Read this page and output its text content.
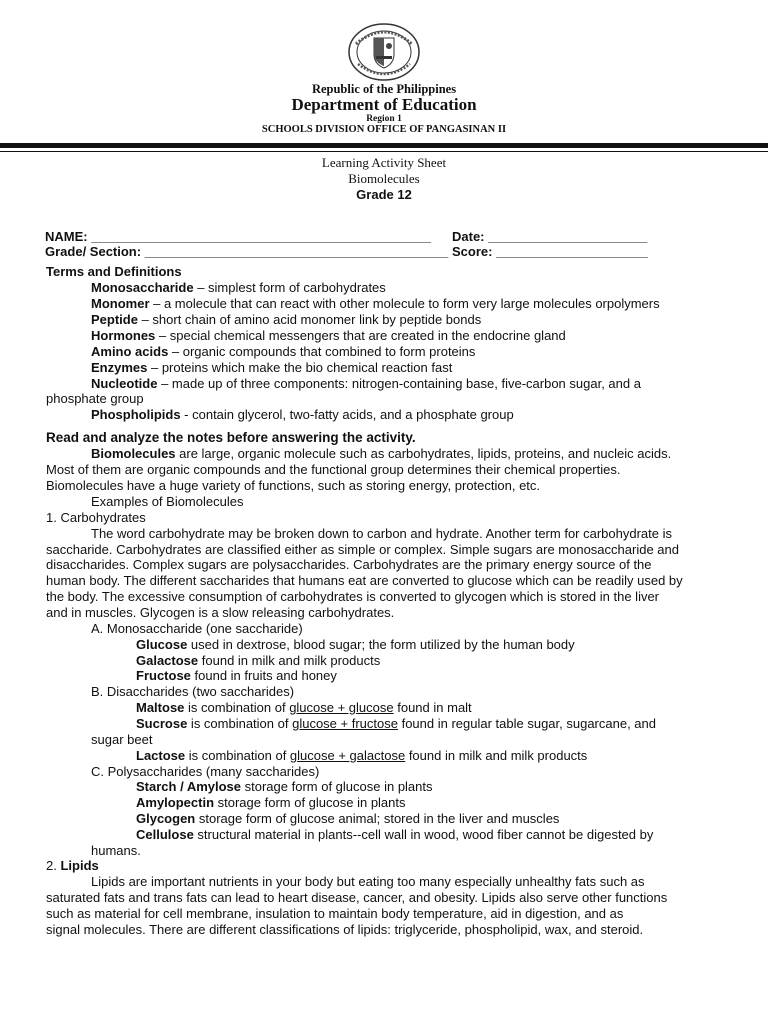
Republic of the Philippines
Department of Education
Region 1
SCHOOLS DIVISION OFFICE OF PANGASINAN II
Learning Activity Sheet
Biomolecules
Grade 12
NAME: _______________________________________________ Date: ______________________
Grade/ Section: __________________________________________ Score: _____________________
Terms and Definitions
Monosaccharide – simplest form of carbohydrates
Monomer – a molecule that can react with other molecule to form very large molecules orpolymers
Peptide – short chain of amino acid monomer link by peptide bonds
Hormones – special chemical messengers that are created in the endocrine gland
Amino acids – organic compounds that combined to form proteins
Enzymes – proteins which make the bio chemical reaction fast
Nucleotide – made up of three components: nitrogen-containing base, five-carbon sugar, and a
phosphate group
Phospholipids - contain glycerol, two-fatty acids, and a phosphate group
Read and analyze the notes before answering the activity.
Biomolecules are large, organic molecule such as carbohydrates, lipids, proteins, and nucleic acids.
Most of them are organic compounds and the functional group determines their chemical properties.
Biomolecules have a huge variety of functions, such as storing energy, protection, etc.
Examples of Biomolecules
1. Carbohydrates
The word carbohydrate may be broken down to carbon and hydrate. Another term for carbohydrate is
saccharide. Carbohydrates are classified either as simple or complex. Simple sugars are monosaccharide and
disaccharides. Complex sugars are polysaccharides. Carbohydrates are the primary energy source of the
human body. The different saccharides that humans eat are converted to glucose which can be readily used by
the body. The excessive consumption of carbohydrates is converted to glycogen which is stored in the liver
and in muscles. Glycogen is a slow releasing carbohydrates.
A. Monosaccharide (one saccharide)
Glucose used in dextrose, blood sugar; the form utilized by the human body
Galactose found in milk and milk products
Fructose found in fruits and honey
B. Disaccharides (two saccharides)
Maltose is combination of glucose + glucose found in malt
Sucrose is combination of glucose + fructose found in regular table sugar, sugarcane, and
sugar beet
Lactose is combination of glucose + galactose found in milk and milk products
C. Polysaccharides (many saccharides)
Starch / Amylose storage form of glucose in plants
Amylopectin storage form of glucose in plants
Glycogen storage form of glucose animal; stored in the liver and muscles
Cellulose structural material in plants--cell wall in wood, wood fiber cannot be digested by
humans.
2. Lipids
Lipids are important nutrients in your body but eating too many especially unhealthy fats such as
saturated fats and trans fats can lead to heart disease, cancer, and obesity. Lipids also serve other functions
such as material for cell membrane, insulation to maintain body temperature, aid in digestion, and as
signal molecules. There are different classifications of lipids: triglyceride, phospholipid, wax, and steroid.
